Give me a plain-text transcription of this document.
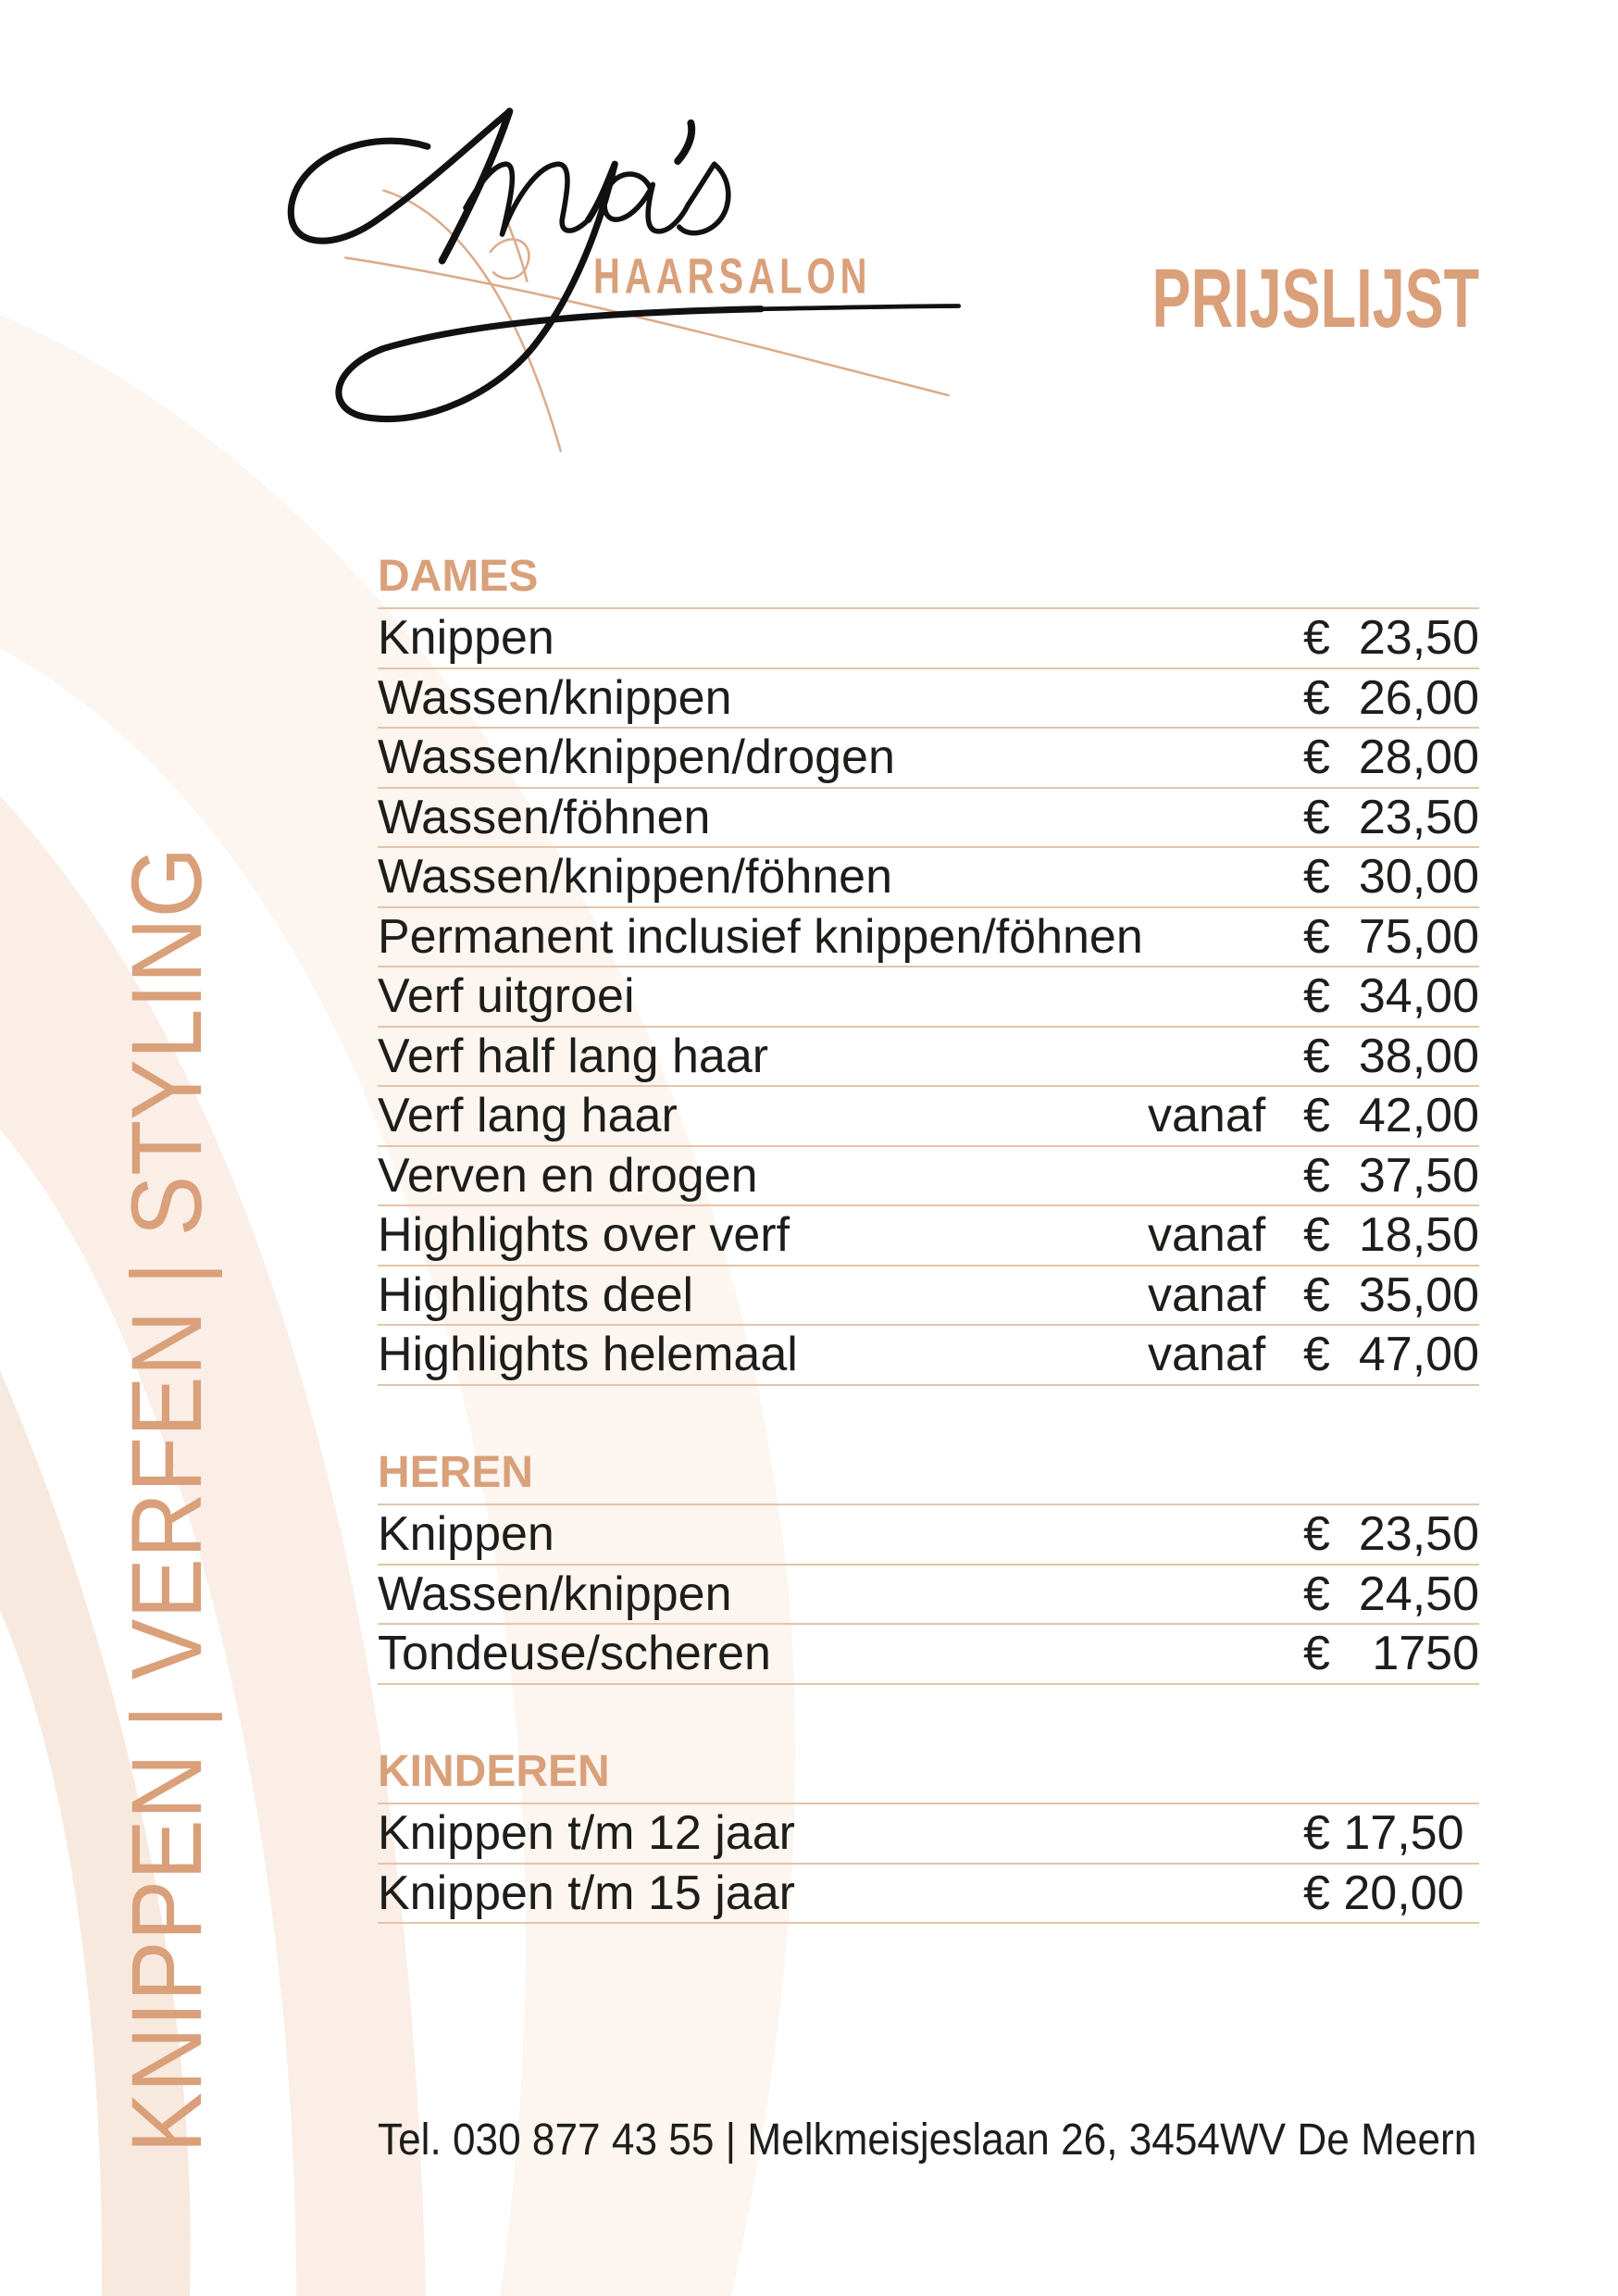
HAARSALON	PRIJSLIJST
KNIPPEN | VERFEN | STYLING
DAMES
Knippen	€ 23,50
Wassen/knippen	€ 26,00
Wassen/knippen/drogen	€ 28,00
Wassen/föhnen	€ 23,50
Wassen/knippen/föhnen	€ 30,00
Permanent inclusief knippen/föhnen	€ 75,00
Verf uitgroei	€ 34,00
Verf half lang haar	€ 38,00
Verf lang haar	vanaf € 42,00
Verven en drogen	€ 37,50
Highlights over verf	vanaf € 18,50
Highlights deel	vanaf € 35,00
Highlights helemaal	vanaf € 47,00
HEREN
Knippen	€ 23,50
Wassen/knippen	€ 24,50
Tondeuse/scheren	€ 1750
KINDEREN
Knippen t/m 12 jaar	€ 17,50
Knippen t/m 15 jaar	€ 20,00
Tel. 030 877 43 55 | Melkmeisjeslaan 26, 3454WV De Meern
